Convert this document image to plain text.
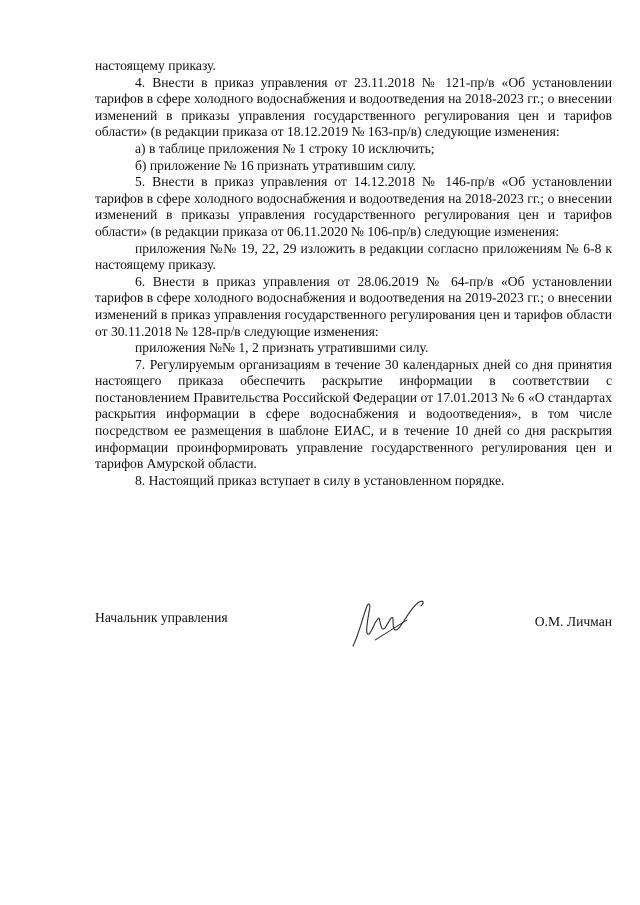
настоящему приказу.

4. Внести в приказ управления от 23.11.2018 № 121-пр/в «Об установлении тарифов в сфере холодного водоснабжения и водоотведения на 2018-2023 гг.; о внесении изменений в приказы управления государственного регулирования цен и тарифов области» (в редакции приказа от 18.12.2019 № 163-пр/в) следующие изменения:

а) в таблице приложения № 1 строку 10 исключить;

б) приложение № 16 признать утратившим силу.

5. Внести в приказ управления от 14.12.2018 № 146-пр/в «Об установлении тарифов в сфере холодного водоснабжения и водоотведения на 2018-2023 гг.; о внесении изменений в приказы управления государственного регулирования цен и тарифов области» (в редакции приказа от 06.11.2020 № 106-пр/в) следующие изменения:

приложения №№ 19, 22, 29 изложить в редакции согласно приложениям № 6-8 к настоящему приказу.

6. Внести в приказ управления от 28.06.2019 № 64-пр/в «Об установлении тарифов в сфере холодного водоснабжения и водоотведения на 2019-2023 гг.; о внесении изменений в приказ управления государственного регулирования цен и тарифов области от 30.11.2018 № 128-пр/в следующие изменения:

приложения №№ 1, 2 признать утратившими силу.

7. Регулируемым организациям в течение 30 календарных дней со дня принятия настоящего приказа обеспечить раскрытие информации в соответствии с постановлением Правительства Российской Федерации от 17.01.2013 № 6 «О стандартах раскрытия информации в сфере водоснабжения и водоотведения», в том числе посредством ее размещения в шаблоне ЕИАС, и в течение 10 дней со дня раскрытия информации проинформировать управление государственного регулирования цен и тарифов Амурской области.

8. Настоящий приказ вступает в силу в установленном порядке.

Начальник управления	О.М. Личман
